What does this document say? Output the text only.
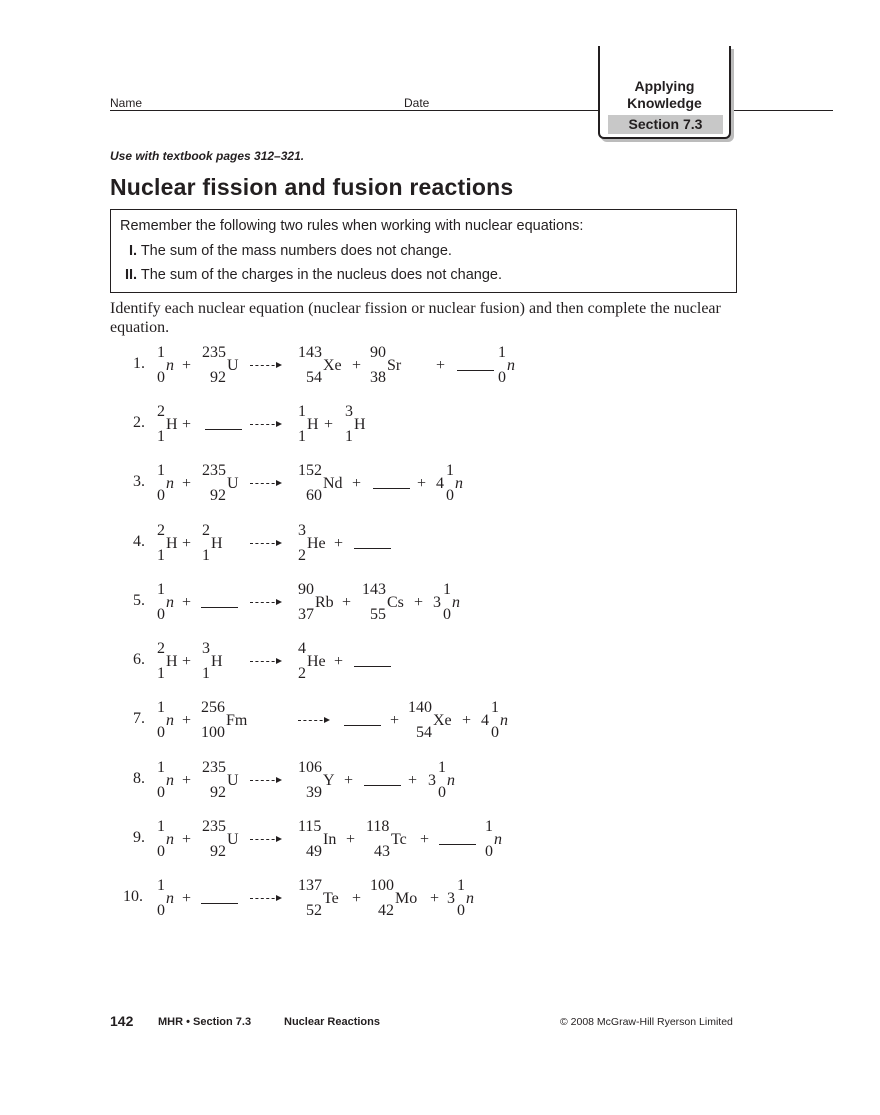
Name	Date
Applying
Knowledge
Section 7.3
Use with textbook pages 312–321.
Nuclear fission and fusion reactions
Remember the following two rules when working with nuclear equations:
I. The sum of the mass numbers does not change.
II. The sum of the charges in the nucleus does not change.
Identify each nuclear equation (nuclear fission or nuclear fusion) and then complete the nuclear equation.
1.
1
0
n +
235
92
U →
143
54
Xe +
90
38
Sr +
1
0
n
2.
2
1
H +
1
1
H +
3
1
H
3.
1
0
n +
235
92
U →
152
60
Nd +	+ 4
1
0
n
4.
2
1
H +
2
1
H
3
2
He +
5.
1
0
n +
90
37
Rb +
143
55
Cs + 3
1
0
n
6.
2
1
H +
3
1
H
4
2
He +
7.
1
0
n +
256
100
Fm	+
140
54
Xe + 4
1
0
n
8.
1
0
n +
235
92
U →
106
39
Y +	+ 3
1
0
n
9.
1
0
n +
235
92
U →
115
49
In +
118
43
Tc +
1
0
n
10.
1
0
n +
137
52
Te +
100
42
Mo + 3
1
0
n
142 MHR • Section 7.3	Nuclear Reactions	© 2008 McGraw-Hill Ryerson Limited
